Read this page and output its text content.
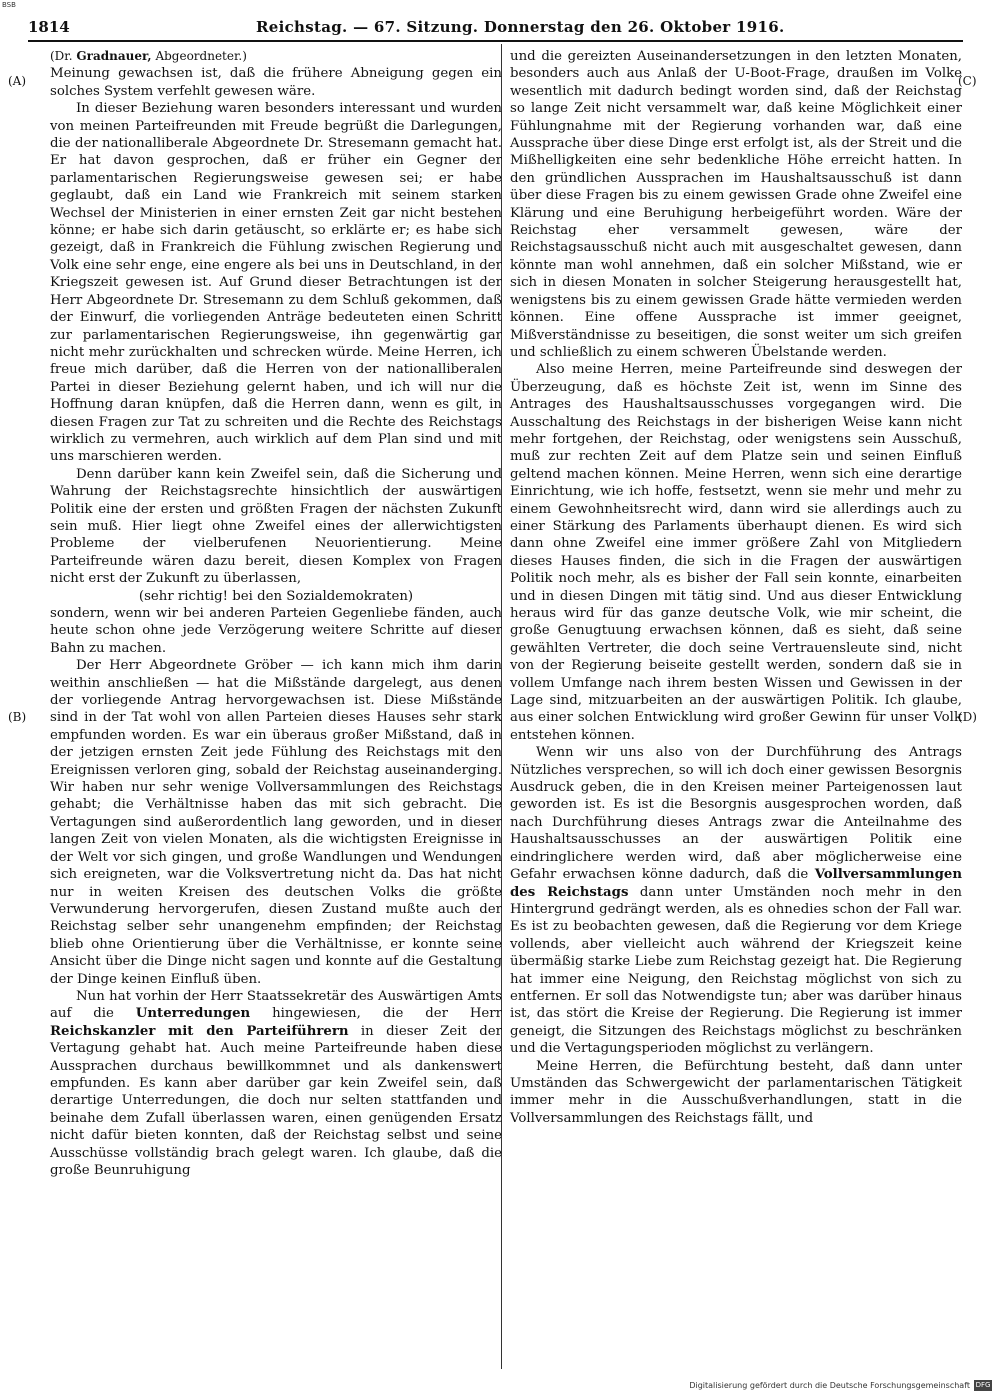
BSB
1814	Reichstag. — 67. Sitzung. Donnerstag den 26. Oktober 1916.
(A)
(B)
(C)
(D)

(Dr. Gradnauer, Abgeordneter.)

Meinung gewachsen ist, daß die frühere Abneigung gegen ein solches System verfehlt gewesen wäre.

In dieser Beziehung waren besonders interessant und wurden von meinen Parteifreunden mit Freude begrüßt die Darlegungen, die der nationalliberale Abgeordnete Dr. Stresemann gemacht hat. Er hat davon gesprochen, daß er früher ein Gegner der parlamentarischen Regierungsweise gewesen sei; er habe geglaubt, daß ein Land wie Frankreich mit seinem starken Wechsel der Ministerien in einer ernsten Zeit gar nicht bestehen könne; er habe sich darin getäuscht, so erklärte er; es habe sich gezeigt, daß in Frankreich die Fühlung zwischen Regierung und Volk eine sehr enge, eine engere als bei uns in Deutschland, in der Kriegszeit gewesen ist. Auf Grund dieser Betrachtungen ist der Herr Abgeordnete Dr. Stresemann zu dem Schluß gekommen, daß der Einwurf, die vorliegenden Anträge bedeuteten einen Schritt zur parlamentarischen Regierungsweise, ihn gegenwärtig gar nicht mehr zurückhalten und schrecken würde. Meine Herren, ich freue mich darüber, daß die Herren von der nationalliberalen Partei in dieser Beziehung gelernt haben, und ich will nur die Hoffnung daran knüpfen, daß die Herren dann, wenn es gilt, in diesen Fragen zur Tat zu schreiten und die Rechte des Reichstags wirklich zu vermehren, auch wirklich auf dem Plan sind und mit uns marschieren werden.

Denn darüber kann kein Zweifel sein, daß die Sicherung und Wahrung der Reichstagsrechte hinsichtlich der auswärtigen Politik eine der ersten und größten Fragen der nächsten Zukunft sein muß. Hier liegt ohne Zweifel eines der allerwichtigsten Probleme der vielberufenen Neuorientierung. Meine Parteifreunde wären dazu bereit, diesen Komplex von Fragen nicht erst der Zukunft zu überlassen,

(sehr richtig! bei den Sozialdemokraten)

sondern, wenn wir bei anderen Parteien Gegenliebe fänden, auch heute schon ohne jede Verzögerung weitere Schritte auf dieser Bahn zu machen.

Der Herr Abgeordnete Gröber — ich kann mich ihm darin weithin anschließen — hat die Mißstände dargelegt, aus denen der vorliegende Antrag hervorgewachsen ist. Diese Mißstände sind in der Tat wohl von allen Parteien dieses Hauses sehr stark empfunden worden. Es war ein überaus großer Mißstand, daß in der jetzigen ernsten Zeit jede Fühlung des Reichstags mit den Ereignissen verloren ging, sobald der Reichstag auseinanderging. Wir haben nur sehr wenige Vollversammlungen des Reichstags gehabt; die Verhältnisse haben das mit sich gebracht. Die Vertagungen sind außerordentlich lang geworden, und in dieser langen Zeit von vielen Monaten, als die wichtigsten Ereignisse in der Welt vor sich gingen, und große Wandlungen und Wendungen sich ereigneten, war die Volksvertretung nicht da. Das hat nicht nur in weiten Kreisen des deutschen Volks die größte Verwunderung hervorgerufen, diesen Zustand mußte auch der Reichstag selber sehr unangenehm empfinden; der Reichstag blieb ohne Orientierung über die Verhältnisse, er konnte seine Ansicht über die Dinge nicht sagen und konnte auf die Gestaltung der Dinge keinen Einfluß üben.

Nun hat vorhin der Herr Staatssekretär des Auswärtigen Amts auf die Unterredungen hingewiesen, die der Herr Reichskanzler mit den Parteiführern in dieser Zeit der Vertagung gehabt hat. Auch meine Parteifreunde haben diese Aussprachen durchaus bewillkommnet und als dankenswert empfunden. Es kann aber darüber gar kein Zweifel sein, daß derartige Unterredungen, die doch nur selten stattfanden und beinahe dem Zufall überlassen waren, einen genügenden Ersatz nicht dafür bieten konnten, daß der Reichstag selbst und seine Ausschüsse vollständig brach gelegt waren. Ich glaube, daß die große Beunruhigung

und die gereizten Auseinandersetzungen in den letzten Monaten, besonders auch aus Anlaß der U-Boot-Frage, draußen im Volke wesentlich mit dadurch bedingt worden sind, daß der Reichstag so lange Zeit nicht versammelt war, daß keine Möglichkeit einer Fühlungnahme mit der Regierung vorhanden war, daß eine Aussprache über diese Dinge erst erfolgt ist, als der Streit und die Mißhelligkeiten eine sehr bedenkliche Höhe erreicht hatten. In den gründlichen Aussprachen im Haushaltsausschuß ist dann über diese Fragen bis zu einem gewissen Grade ohne Zweifel eine Klärung und eine Beruhigung herbeigeführt worden. Wäre der Reichstag eher versammelt gewesen, wäre der Reichstagsausschuß nicht auch mit ausgeschaltet gewesen, dann könnte man wohl annehmen, daß ein solcher Mißstand, wie er sich in diesen Monaten in solcher Steigerung herausgestellt hat, wenigstens bis zu einem gewissen Grade hätte vermieden werden können. Eine offene Aussprache ist immer geeignet, Mißverständnisse zu beseitigen, die sonst weiter um sich greifen und schließlich zu einem schweren Übelstande werden.

Also meine Herren, meine Parteifreunde sind deswegen der Überzeugung, daß es höchste Zeit ist, wenn im Sinne des Antrages des Haushaltsausschusses vorgegangen wird. Die Ausschaltung des Reichstags in der bisherigen Weise kann nicht mehr fortgehen, der Reichstag, oder wenigstens sein Ausschuß, muß zur rechten Zeit auf dem Platze sein und seinen Einfluß geltend machen können. Meine Herren, wenn sich eine derartige Einrichtung, wie ich hoffe, festsetzt, wenn sie mehr und mehr zu einem Gewohnheitsrecht wird, dann wird sie allerdings auch zu einer Stärkung des Parlaments überhaupt dienen. Es wird sich dann ohne Zweifel eine immer größere Zahl von Mitgliedern dieses Hauses finden, die sich in die Fragen der auswärtigen Politik noch mehr, als es bisher der Fall sein konnte, einarbeiten und in diesen Dingen mit tätig sind. Und aus dieser Entwicklung heraus wird für das ganze deutsche Volk, wie mir scheint, die große Genugtuung erwachsen können, daß es sieht, daß seine gewählten Vertreter, die doch seine Vertrauensleute sind, nicht von der Regierung beiseite gestellt werden, sondern daß sie in vollem Umfange nach ihrem besten Wissen und Gewissen in der Lage sind, mitzuarbeiten an der auswärtigen Politik. Ich glaube, aus einer solchen Entwicklung wird großer Gewinn für unser Volk entstehen können.

Wenn wir uns also von der Durchführung des Antrags Nützliches versprechen, so will ich doch einer gewissen Besorgnis Ausdruck geben, die in den Kreisen meiner Parteigenossen laut geworden ist. Es ist die Besorgnis ausgesprochen worden, daß nach Durchführung dieses Antrags zwar die Anteilnahme des Haushaltsausschusses an der auswärtigen Politik eine eindringlichere werden wird, daß aber möglicherweise eine Gefahr erwachsen könne dadurch, daß die Vollversammlungen des Reichstags dann unter Umständen noch mehr in den Hintergrund gedrängt werden, als es ohnedies schon der Fall war. Es ist zu beobachten gewesen, daß die Regierung vor dem Kriege vollends, aber vielleicht auch während der Kriegszeit keine übermäßig starke Liebe zum Reichstag gezeigt hat. Die Regierung hat immer eine Neigung, den Reichstag möglichst von sich zu entfernen. Er soll das Notwendigste tun; aber was darüber hinaus ist, das stört die Kreise der Regierung. Die Regierung ist immer geneigt, die Sitzungen des Reichstags möglichst zu beschränken und die Vertagungsperioden möglichst zu verlängern.

Meine Herren, die Befürchtung besteht, daß dann unter Umständen das Schwergewicht der parlamentarischen Tätigkeit immer mehr in die Ausschußverhandlungen, statt in die Vollversammlungen des Reichstags fällt, und

Digitalisierung gefördert durch die Deutsche Forschungsgemeinschaft DFG
